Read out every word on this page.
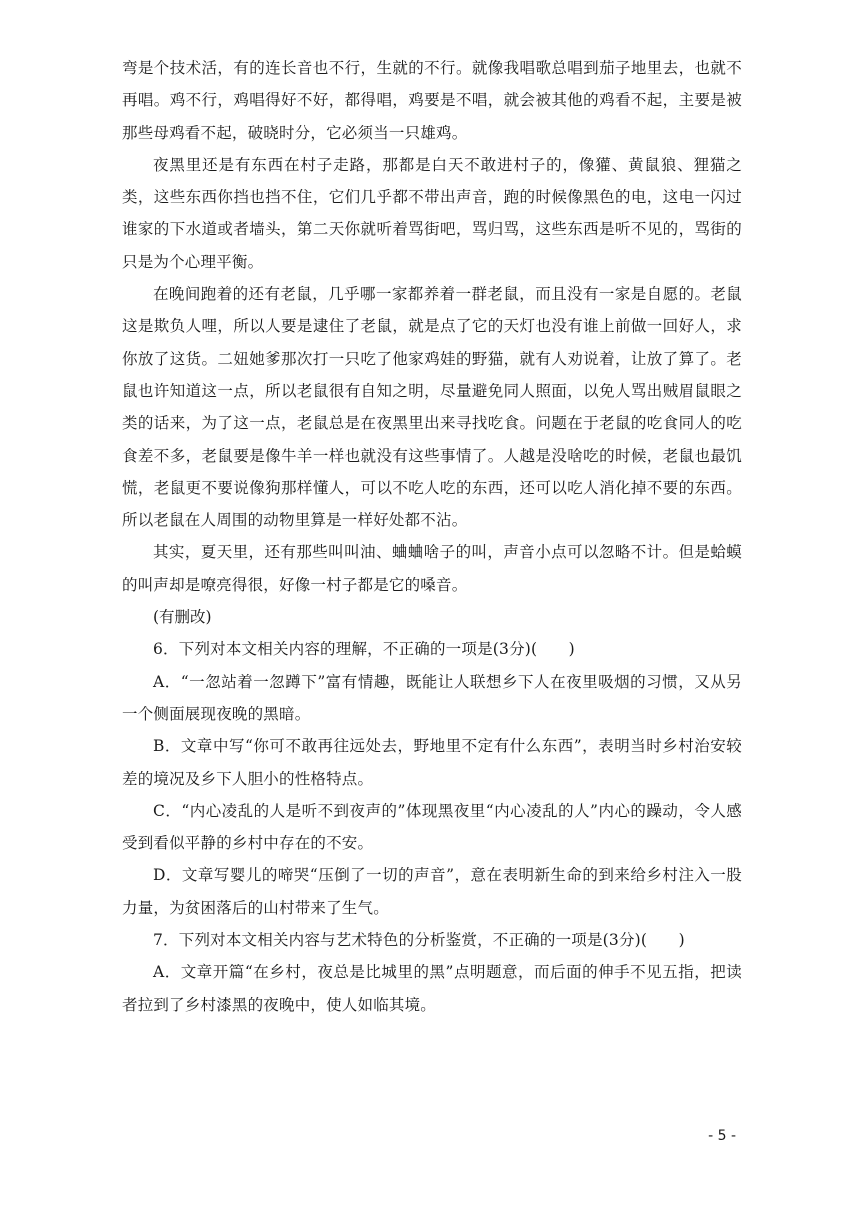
弯是个技术活，有的连长音也不行，生就的不行。就像我唱歌总唱到茄子地里去，也就不再唱。鸡不行，鸡唱得好不好，都得唱，鸡要是不唱，就会被其他的鸡看不起，主要是被那些母鸡看不起，破晓时分，它必须当一只雄鸡。

夜黑里还是有东西在村子走路，那都是白天不敢进村子的，像獾、黄鼠狼、狸猫之类，这些东西你挡也挡不住，它们几乎都不带出声音，跑的时候像黑色的电，这电一闪过谁家的下水道或者墙头，第二天你就听着骂街吧，骂归骂，这些东西是听不见的，骂街的只是为个心理平衡。

在晚间跑着的还有老鼠，几乎哪一家都养着一群老鼠，而且没有一家是自愿的。老鼠这是欺负人哩，所以人要是逮住了老鼠，就是点了它的天灯也没有谁上前做一回好人，求你放了这货。二妞她爹那次打一只吃了他家鸡娃的野猫，就有人劝说着，让放了算了。老鼠也许知道这一点，所以老鼠很有自知之明，尽量避免同人照面，以免人骂出贼眉鼠眼之类的话来，为了这一点，老鼠总是在夜黑里出来寻找吃食。问题在于老鼠的吃食同人的吃食差不多，老鼠要是像牛羊一样也就没有这些事情了。人越是没啥吃的时候，老鼠也最饥慌，老鼠更不要说像狗那样懂人，可以不吃人吃的东西，还可以吃人消化掉不要的东西。所以老鼠在人周围的动物里算是一样好处都不沾。

其实，夏天里，还有那些叫叫油、蛐蛐啥子的叫，声音小点可以忽略不计。但是蛤蟆的叫声却是嘹亮得很，好像一村子都是它的嗓音。

(有删改)

6．下列对本文相关内容的理解，不正确的一项是(3分)(　　)

A．“一忽站着一忽蹲下”富有情趣，既能让人联想乡下人在夜里吸烟的习惯，又从另一个侧面展现夜晚的黑暗。

B．文章中写“你可不敢再往远处去，野地里不定有什么东西”，表明当时乡村治安较差的境况及乡下人胆小的性格特点。

C．“内心凌乱的人是听不到夜声的”体现黑夜里“内心凌乱的人”内心的躁动，令人感受到看似平静的乡村中存在的不安。

D．文章写婴儿的啼哭“压倒了一切的声音”，意在表明新生命的到来给乡村注入一股力量，为贫困落后的山村带来了生气。

7．下列对本文相关内容与艺术特色的分析鉴赏，不正确的一项是(3分)(　　)

A．文章开篇“在乡村，夜总是比城里的黑”点明题意，而后面的伸手不见五指，把读者拉到了乡村漆黑的夜晚中，使人如临其境。

- 5 -
